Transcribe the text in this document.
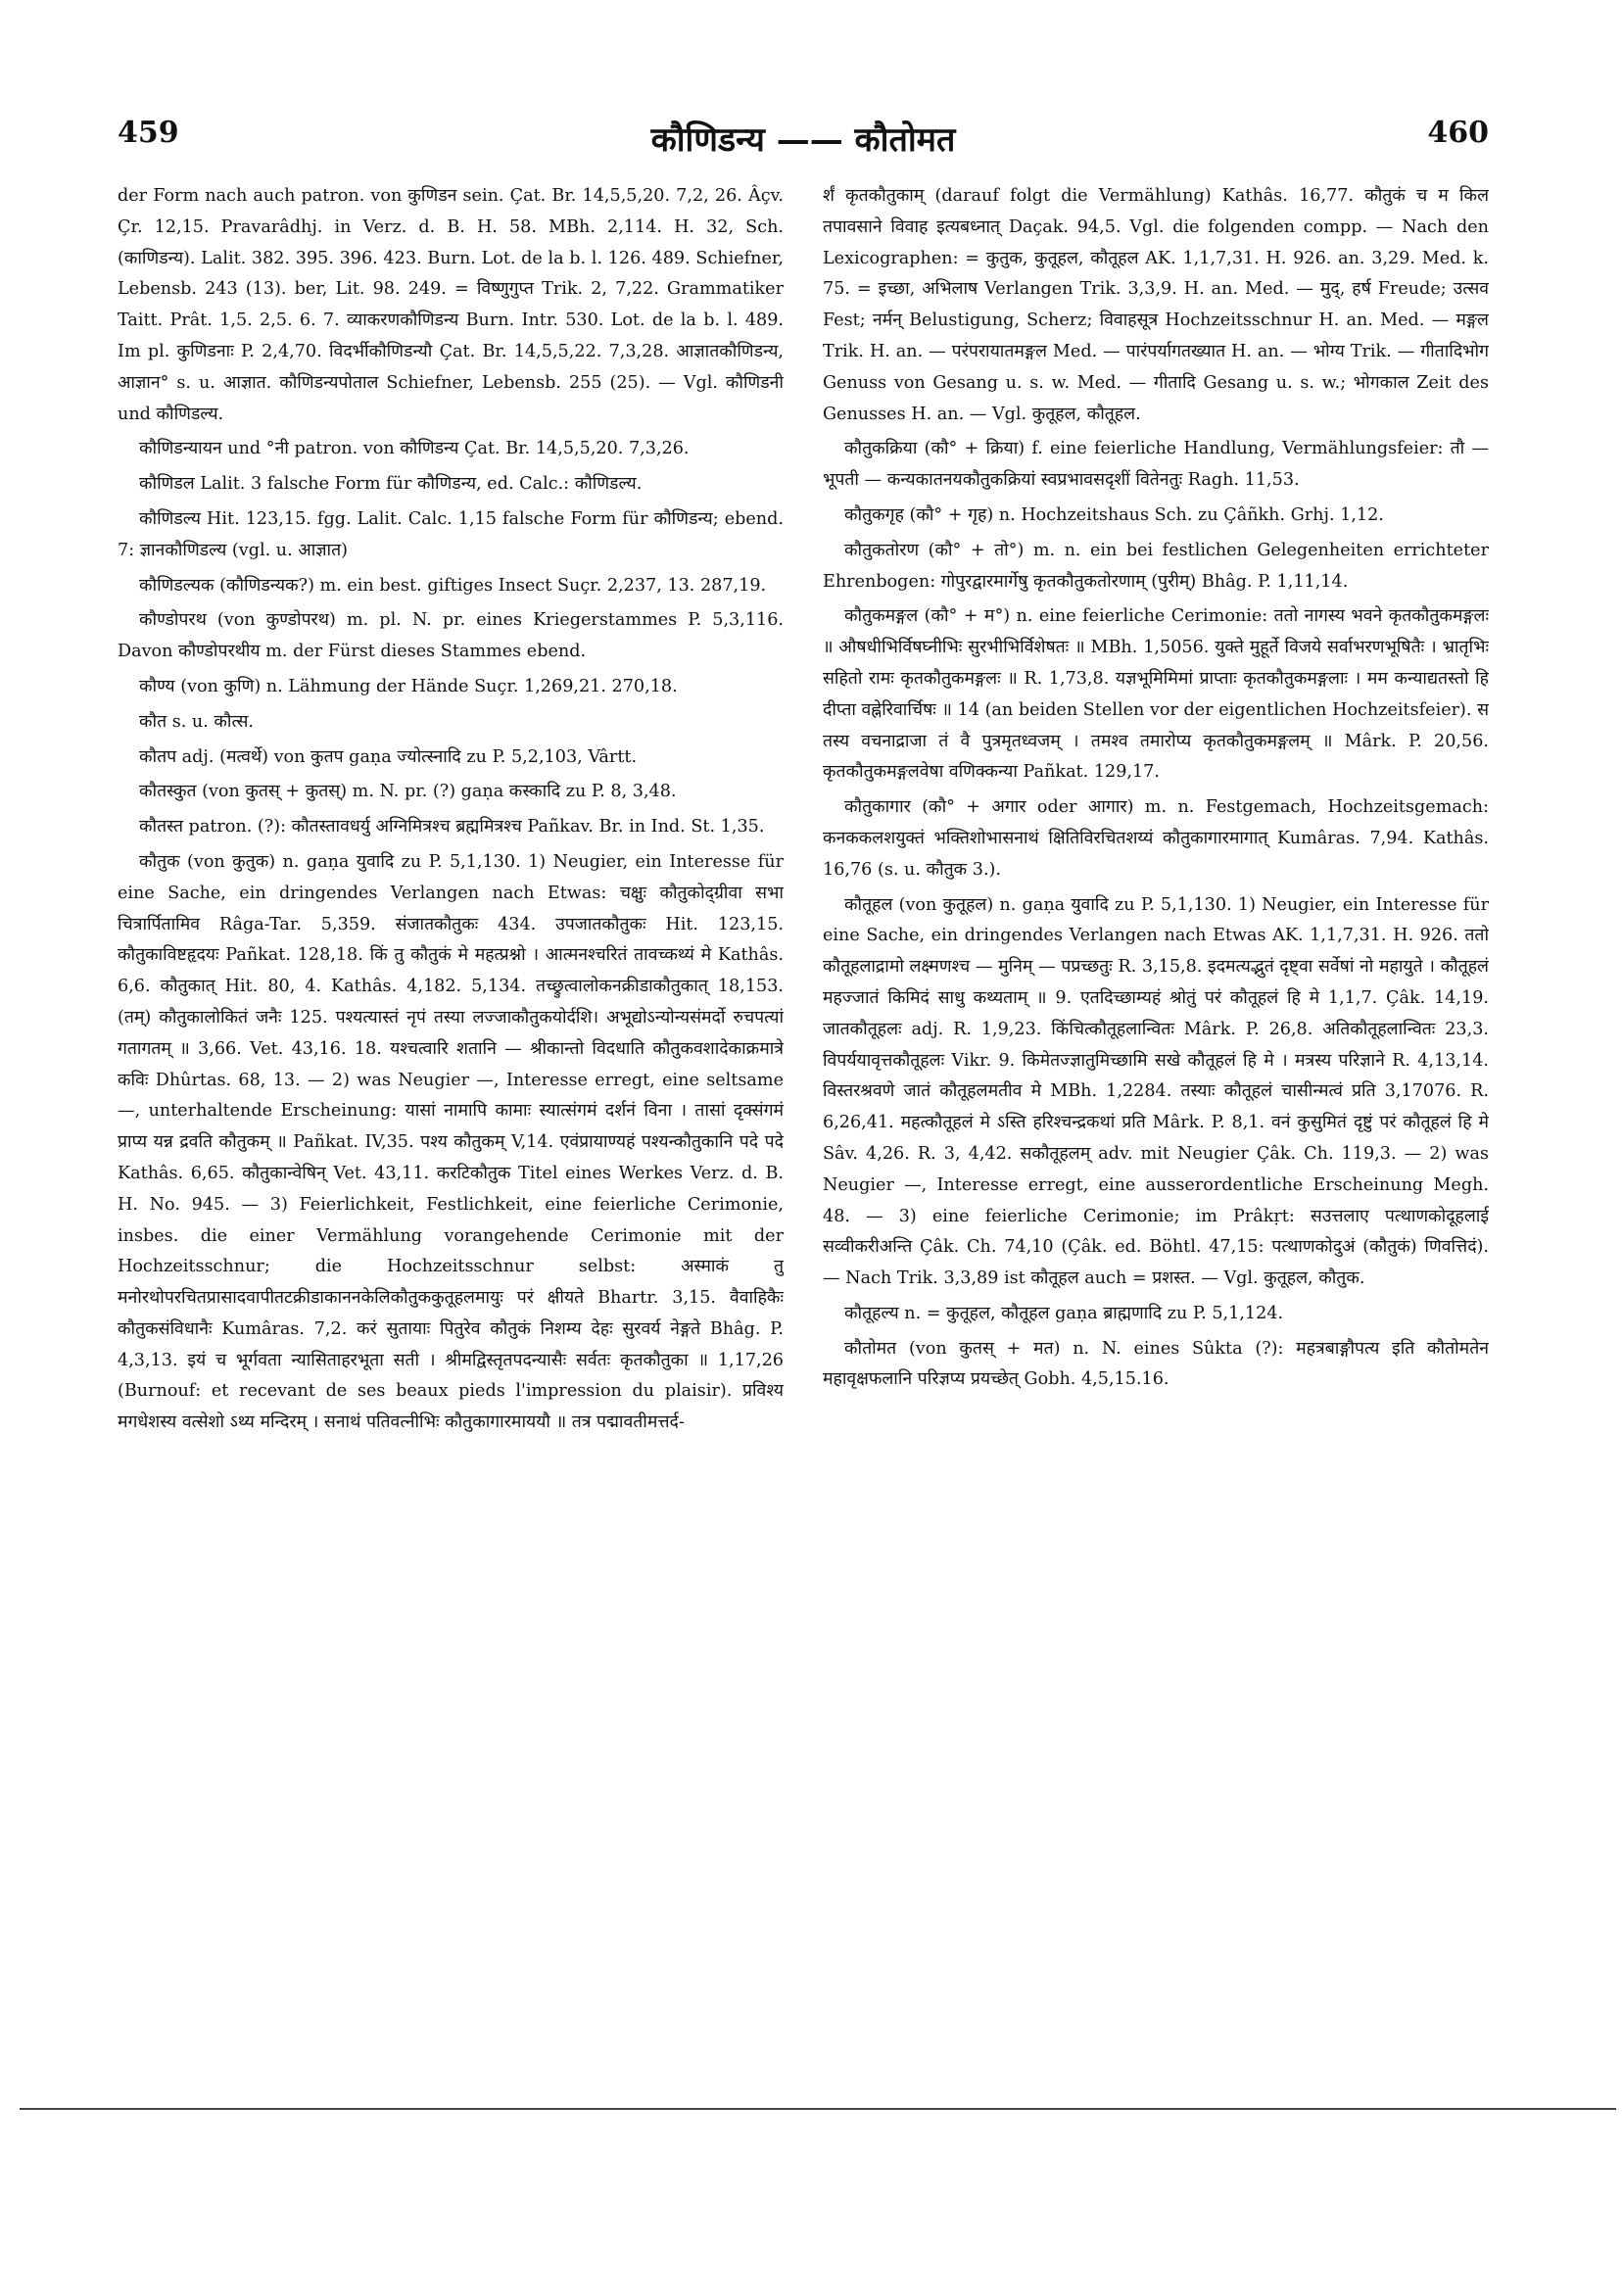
459	कौणिडन्य —— कौतोमत	460

der Form nach auch patron. von कुणिडन sein. Çat. Br. 14,5,5,20. 7,2, 26. Âçv. Çr. 12,15. Pravarâdhj. in Verz. d. B. H. 58. MBh. 2,114. H. 32, Sch. (काणिडन्य). Lalit. 382. 395. 396. 423. Burn. Lot. de la b. l. 126. 489. Schiefner, Lebensb. 243 (13). ber, Lit. 98. 249. = विष्णुगुप्त Trik. 2, 7,22. Grammatiker Taitt. Prât. 1,5. 2,5. 6. 7. व्याकरणकौणिडन्य Burn. Intr. 530. Lot. de la b. l. 489. Im pl. कुणिडनाः P. 2,4,70. विदर्भीकौणिडन्यौ Çat. Br. 14,5,5,22. 7,3,28. आज्ञातकौणिडन्य, आज्ञान° s. u. आज्ञात. कौणिडन्यपोताल Schiefner, Lebensb. 255 (25). — Vgl. कौणिडनी und कौणिडल्य.

कौणिडन्यायन und °नी patron. von कौणिडन्य Çat. Br. 14,5,5,20. 7,3,26.

कौणिडल Lalit. 3 falsche Form für कौणिडन्य, ed. Calc.: कौणिडल्य.

कौणिडल्य Hit. 123,15. fgg. Lalit. Calc. 1,15 falsche Form für कौणिडन्य; ebend. 7: ज्ञानकौणिडल्य (vgl. u. आज्ञात)

कौणिडल्यक (कौणिडन्यक?) m. ein best. giftiges Insect Suçr. 2,237, 13. 287,19.

कौण्डोपरथ (von कुण्डोपरथ) m. pl. N. pr. eines Kriegerstammes P. 5,3,116. Davon कौण्डोपरथीय m. der Fürst dieses Stammes ebend.

कौण्य (von कुणि) n. Lähmung der Hände Suçr. 1,269,21. 270,18.

कौत s. u. कौत्स.

कौतप adj. (मत्वर्थे) von कुतप gaṇa ज्योत्स्नादि zu P. 5,2,103, Vârtt.

कौतस्कुत (von कुतस् + कुतस्) m. N. pr. (?) gaṇa कस्कादि zu P. 8, 3,48.

कौतस्त patron. (?): कौतस्तावधर्यु अग्निमित्रश्च ब्रह्ममित्रश्च Pañkav. Br. in Ind. St. 1,35.

कौतुक (von कुतुक) n. gaṇa युवादि zu P. 5,1,130. 1) Neugier, ein Interesse für eine Sache, ein dringendes Verlangen nach Etwas: चक्षुः कौतुकोद्ग्रीवा सभा चित्रार्पितामिव Râga-Tar. 5,359. संजातकौतुकः 434. उपजातकौतुकः Hit. 123,15. कौतुकाविष्टहृदयः Pañkat. 128,18. किं तु कौतुकं मे महत्प्रश्नो । आत्मनश्चरितं तावच्कथ्यं मे Kathâs. 6,6. कौतुकात् Hit. 80, 4. Kathâs. 4,182. 5,134. तच्छ्रुत्वालोकनक्रीडाकौतुकात् 18,153. (तम्) कौतुकालोकितं जनैः 125. पश्यत्यास्तं नृपं तस्या लज्जाकौतुकयोर्दशि। अभूद्योऽन्योन्यसंमर्दो रुचपत्यां गतागतम् ॥ 3,66. Vet. 43,16. 18. यश्चत्वारि शतानि — श्रीकान्तो विदधाति कौतुकवशादेकाक्रमात्रे कविः Dhûrtas. 68, 13. — 2) was Neugier —, Interesse erregt, eine seltsame —, unterhaltende Erscheinung: यासां नामापि कामाः स्यात्संगमं दर्शनं विना । तासां दृक्संगमं प्राप्य यन्न द्रवति कौतुकम् ॥ Pañkat. IV,35. पश्य कौतुकम् V,14. एवंप्रायाण्यहं पश्यन्कौतुकानि पदे पदे Kathâs. 6,65. कौतुकान्वेषिन् Vet. 43,11. करटिकौतुक Titel eines Werkes Verz. d. B. H. No. 945. — 3) Feierlichkeit, Festlichkeit, eine feierliche Cerimonie, insbes. die einer Vermählung vorangehende Cerimonie mit der Hochzeitsschnur; die Hochzeitsschnur selbst: अस्माकं तु मनोरथोपरचितप्रासादवापीतटक्रीडाकाननकेलिकौतुककुतूहलमायुः परं क्षीयते Bhartr. 3,15. वैवाहिकैः कौतुकसंविधानैः Kumâras. 7,2. करं सुतायाः पितुरेव कौतुकं निशम्य देहः सुरवर्य नेङ्गते Bhâg. P. 4,3,13. इयं च भूर्गवता न्यासिताहरभूता सती । श्रीमद्विस्तृतपदन्यासैः सर्वतः कृतकौतुका ॥ 1,17,26 (Burnouf: et recevant de ses beaux pieds l'impression du plaisir). प्रविश्य मगधेशस्य वत्सेशो ऽथ्य मन्दिरम् । सनाथं पतिवत्नीभिः कौतुकागारमाययौ ॥ तत्र पद्मावतीमत्तर्द-

र्शं कृतकौतुकाम् (darauf folgt die Vermählung) Kathâs. 16,77. कौतुकं च म किल तपावसाने विवाह इत्यबध्नात् Daçak. 94,5. Vgl. die folgenden compp. — Nach den Lexicographen: = कुतुक, कुतूहल, कौतूहल AK. 1,1,7,31. H. 926. an. 3,29. Med. k. 75. = इच्छा, अभिलाष Verlangen Trik. 3,3,9. H. an. Med. — मुद्, हर्ष Freude; उत्सव Fest; नर्मन् Belustigung, Scherz; विवाहसूत्र Hochzeitsschnur H. an. Med. — मङ्गल Trik. H. an. — परंपरायातमङ्गल Med. — पारंपर्यागतख्यात H. an. — भोग्य Trik. — गीतादिभोग Genuss von Gesang u. s. w. Med. — गीतादि Gesang u. s. w.; भोगकाल Zeit des Genusses H. an. — Vgl. कुतूहल, कौतूहल.

कौतुकक्रिया (कौ° + क्रिया) f. eine feierliche Handlung, Vermählungsfeier: तौ — भूपती — कन्यकातनयकौतुकक्रियां स्वप्रभावसदृशीं वितेनतुः Ragh. 11,53.

कौतुकगृह (कौ° + गृह) n. Hochzeitshaus Sch. zu Çâñkh. Grhj. 1,12.

कौतुकतोरण (कौ° + तो°) m. n. ein bei festlichen Gelegenheiten errichteter Ehrenbogen: गोपुरद्वारमार्गेषु कृतकौतुकतोरणाम् (पुरीम्) Bhâg. P. 1,11,14.

कौतुकमङ्गल (कौ° + म°) n. eine feierliche Cerimonie: ततो नागस्य भवने कृतकौतुकमङ्गलः ॥ औषधीभिर्विषघ्नीभिः सुरभीभिर्विशेषतः ॥ MBh. 1,5056. युक्ते मुहूर्ते विजये सर्वाभरणभूषितैः । भ्रातृभिः सहितो रामः कृतकौतुकमङ्गलः ॥ R. 1,73,8. यज्ञभूमिमिमां प्राप्ताः कृतकौतुकमङ्गलाः । मम कन्याद्यतस्तो हि दीप्ता वह्नेरिवार्चिषः ॥ 14 (an beiden Stellen vor der eigentlichen Hochzeitsfeier). स तस्य वचनाद्राजा तं वै पुत्रमृतध्वजम् । तमश्व तमारोप्य कृतकौतुकमङ्गलम् ॥ Mârk. P. 20,56. कृतकौतुकमङ्गलवेषा वणिक्कन्या Pañkat. 129,17.

कौतुकागार (कौ° + अगार oder आगार) m. n. Festgemach, Hochzeitsgemach: कनककलशयुक्तं भक्तिशोभासनाथं क्षितिविरचितशय्यं कौतुकागारमागात् Kumâras. 7,94. Kathâs. 16,76 (s. u. कौतुक 3.).

कौतूहल (von कुतूहल) n. gaṇa युवादि zu P. 5,1,130. 1) Neugier, ein Interesse für eine Sache, ein dringendes Verlangen nach Etwas AK. 1,1,7,31. H. 926. ततो कौतूहलाद्रामो लक्ष्मणश्च — मुनिम् — पप्रच्छतुः R. 3,15,8. इदमत्यद्भुतं दृष्ट्वा सर्वेषां नो महायुते । कौतूहलं महज्जातं किमिदं साधु कथ्यताम् ॥ 9. एतदिच्छाम्यहं श्रोतुं परं कौतूहलं हि मे 1,1,7. Çâk. 14,19. जातकौतूहलः adj. R. 1,9,23. किंचित्कौतूहलान्वितः Mârk. P. 26,8. अतिकौतूहलान्वितः 23,3. विपर्ययावृत्तकौतूहलः Vikr. 9. किमेतज्ज्ञातुमिच्छामि सखे कौतूहलं हि मे । मत्रस्य परिज्ञाने R. 4,13,14. विस्तरश्रवणे जातं कौतूहलमतीव मे MBh. 1,2284. तस्याः कौतूहलं चासीन्मत्वं प्रति 3,17076. R. 6,26,41. महत्कौतूहलं मे ऽस्ति हरिश्चन्द्रकथां प्रति Mârk. P. 8,1. वनं कुसुमितं दृष्टुं परं कौतूहलं हि मे Sâv. 4,26. R. 3, 4,42. सकौतूहलम् adv. mit Neugier Çâk. Ch. 119,3. — 2) was Neugier —, Interesse erregt, eine ausserordentliche Erscheinung Megh. 48. — 3) eine feierliche Cerimonie; im Prâkṛt: सउत्तलाए पत्थाणकोदूहलाई सव्वीकरीअन्ति Çâk. Ch. 74,10 (Çâk. ed. Böhtl. 47,15: पत्थाणकोदुअं (कौतुकं) णिवत्तिदं). — Nach Trik. 3,3,89 ist कौतूहल auch = प्रशस्त. — Vgl. कुतूहल, कौतुक.

कौतूहल्य n. = कुतूहल, कौतूहल gaṇa ब्राह्मणादि zu P. 5,1,124.

कौतोमत (von कुतस् + मत) n. N. eines Sûkta (?): महत्रबाङ्गौपत्य इति कौतोमतेन महावृक्षफलानि परिज्ञप्य प्रयच्छेत् Gobh. 4,5,15.16.
